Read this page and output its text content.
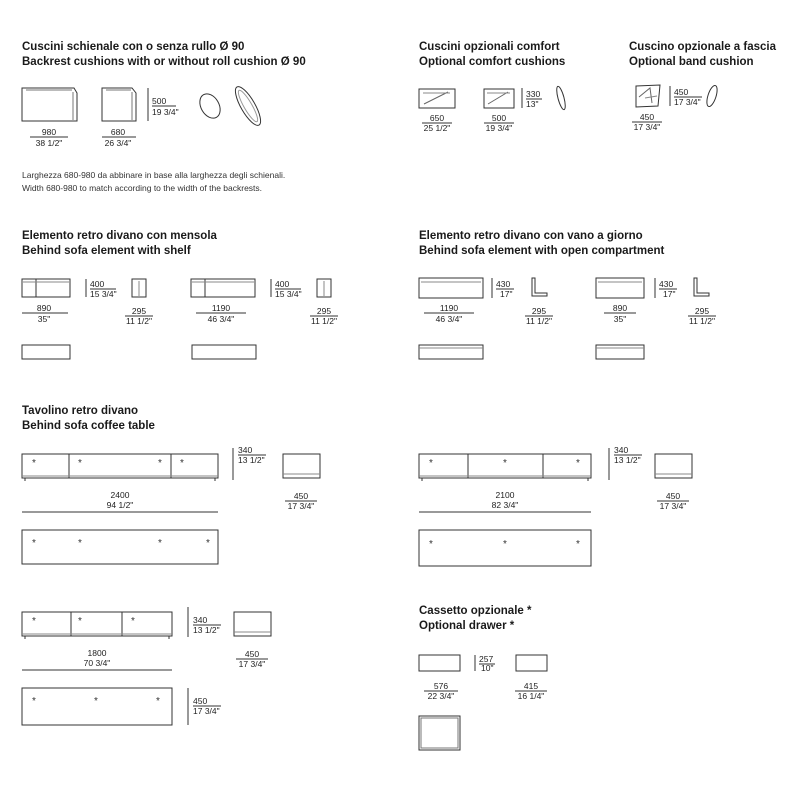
Cuscini schienale con o senza rullo Ø 90
Backrest cushions with or without roll cushion Ø 90
Cuscini opzionali comfort
Optional comfort cushions
Cuscino opzionale a fascia
Optional band cushion
Larghezza 680-980 da abbinare in base alla larghezza degli schienali.
Width 680-980 to match according to the width of the backrests.
Elemento retro divano con mensola
Behind sofa element with shelf
Elemento retro divano con vano a giorno
Behind sofa element with open compartment
Tavolino retro divano
Behind sofa coffee table
Cassetto opzionale *
Optional drawer *
*	*	* *
*	*	*	*
*	*	*
*	*	*
*	*	*
*	*	*
980
38 1/2"
680
26 3/4"
500
19 3/4"
650
25 1/2"
500
19 3/4"
330
13"
450
17 3/4"
450
17 3/4"
890
35"
400
15 3/4"
295
11 1/2"
1190
46 3/4"
400
15 3/4"
295
11 1/2"
1190
46 3/4"
430
17"
295
11 1/2"
890
35"
430
17"
295
11 1/2"
2400
94 1/2"
340
13 1/2"
450
17 3/4"
2100
82 3/4"
340
13 1/2"
450
17 3/4"
1800
70 3/4"
340
13 1/2"
450
17 3/4"
450
17 3/4"
576
22 3/4"
257
10"
415
16 1/4"
